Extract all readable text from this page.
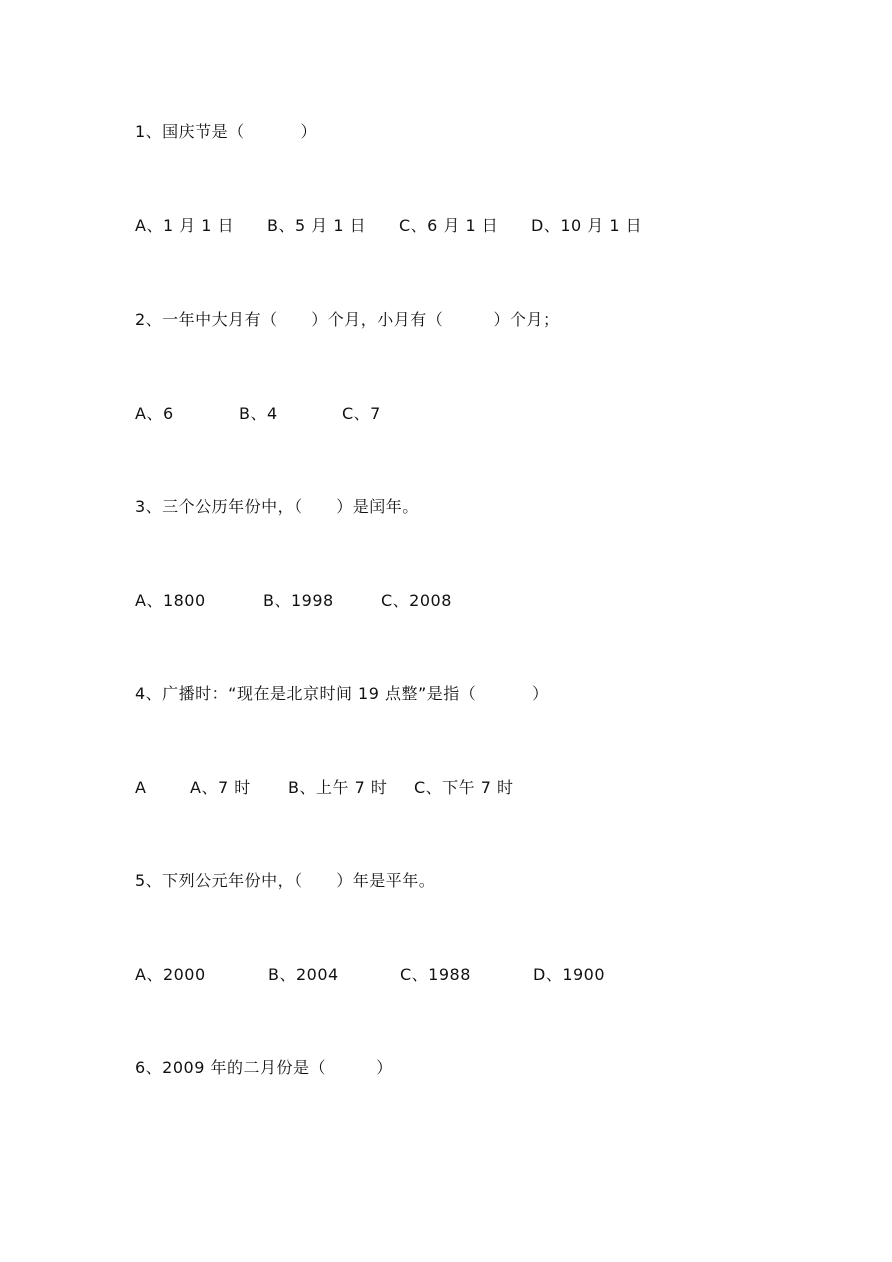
1、国庆节是（          ）

A、1 月 1 日

B、5 月 1 日

C、6 月 1 日

D、10 月 1 日

2、一年中大月有（      ）个月，小月有（         ）个月；

A、6

	B、4

	C、7

3、三个公历年份中，（      ）是闰年。

A、1800

	B、1998

	C、2008

4、广播时：“现在是北京时间 19 点整”是指（          ）

A

	A、7 时

B、上午 7 时

C、下午 7 时

5、下列公元年份中，（      ）年是平年。

A、2000

	B、2004

	C、1988

	D、1900

6、2009 年的二月份是（         ）
